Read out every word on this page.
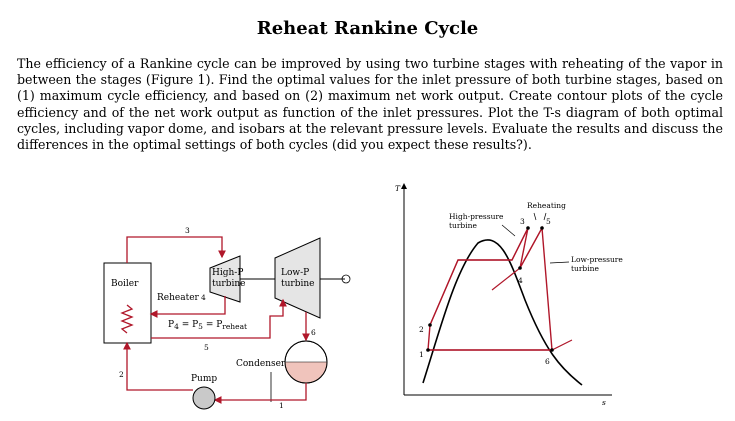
Reheat Rankine Cycle
The efficiency of a Rankine cycle can be improved by using two turbine stages with reheating of the vapor in between the stages (Figure 1). Find the optimal values for the inlet pressure of both turbine stages, based on (1) maximum cycle efficiency, and based on (2) maximum net work output. Create contour plots of the cycle efficiency and of the net work output as function of the inlet pressures. Plot the T-s diagram of both optimal cycles, including vapor dome, and isobars at the relevant pressure levels. Evaluate the results and discuss the differences in the optimal settings of both cycles (did you expect these results?).
Boiler
3
High-P
turbine
Low-P
turbine
Reheater 4
$P_4 = P_5 = P_{reheat}$
5
6
Condenser
1
Pump
2
T
s
1
2
3
4
5
6
Reheating
High-pressure
turbine
Low-pressure
turbine
